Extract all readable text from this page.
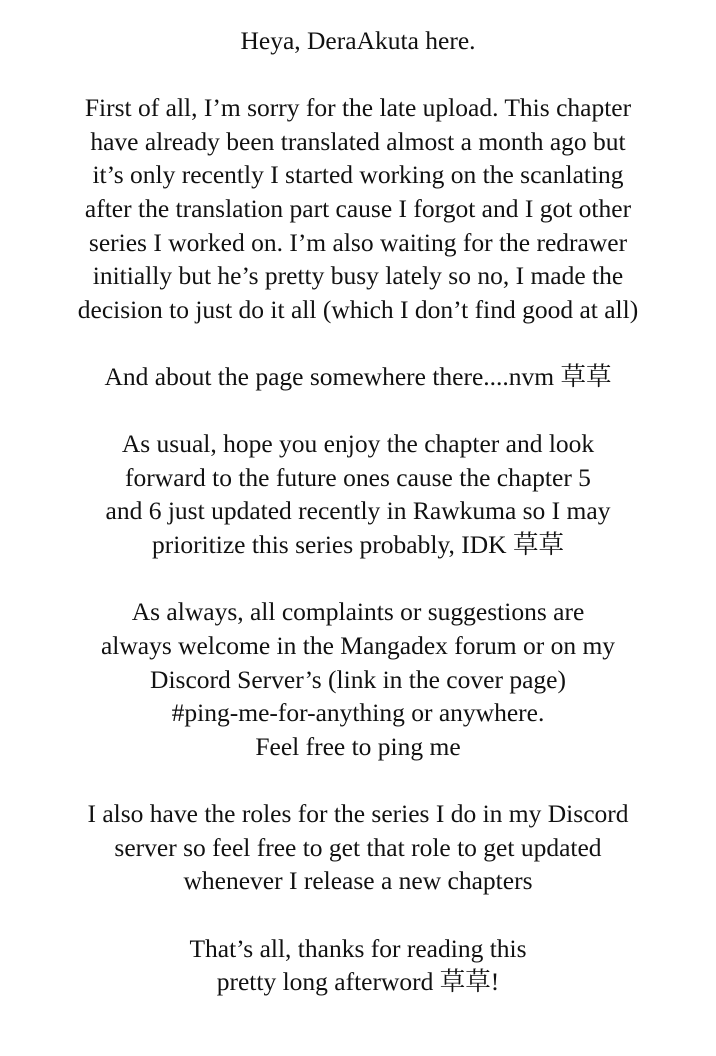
Heya, DeraAkuta here.
First of all, I’m sorry for the late upload. This chapter
have already been translated almost a month ago but
it’s only recently I started working on the scanlating
after the translation part cause I forgot and I got other
series I worked on. I’m also waiting for the redrawer
initially but he’s pretty busy lately so no, I made the
decision to just do it all (which I don’t find good at all)
And about the page somewhere there....nvm 草草
As usual, hope you enjoy the chapter and look
forward to the future ones cause the chapter 5
and 6 just updated recently in Rawkuma so I may
prioritize this series probably, IDK 草草
As always, all complaints or suggestions are
always welcome in the Mangadex forum or on my
Discord Server’s (link in the cover page)
#ping-me-for-anything or anywhere.
Feel free to ping me
I also have the roles for the series I do in my Discord
server so feel free to get that role to get updated
whenever I release a new chapters
That’s all, thanks for reading this
pretty long afterword 草草!
